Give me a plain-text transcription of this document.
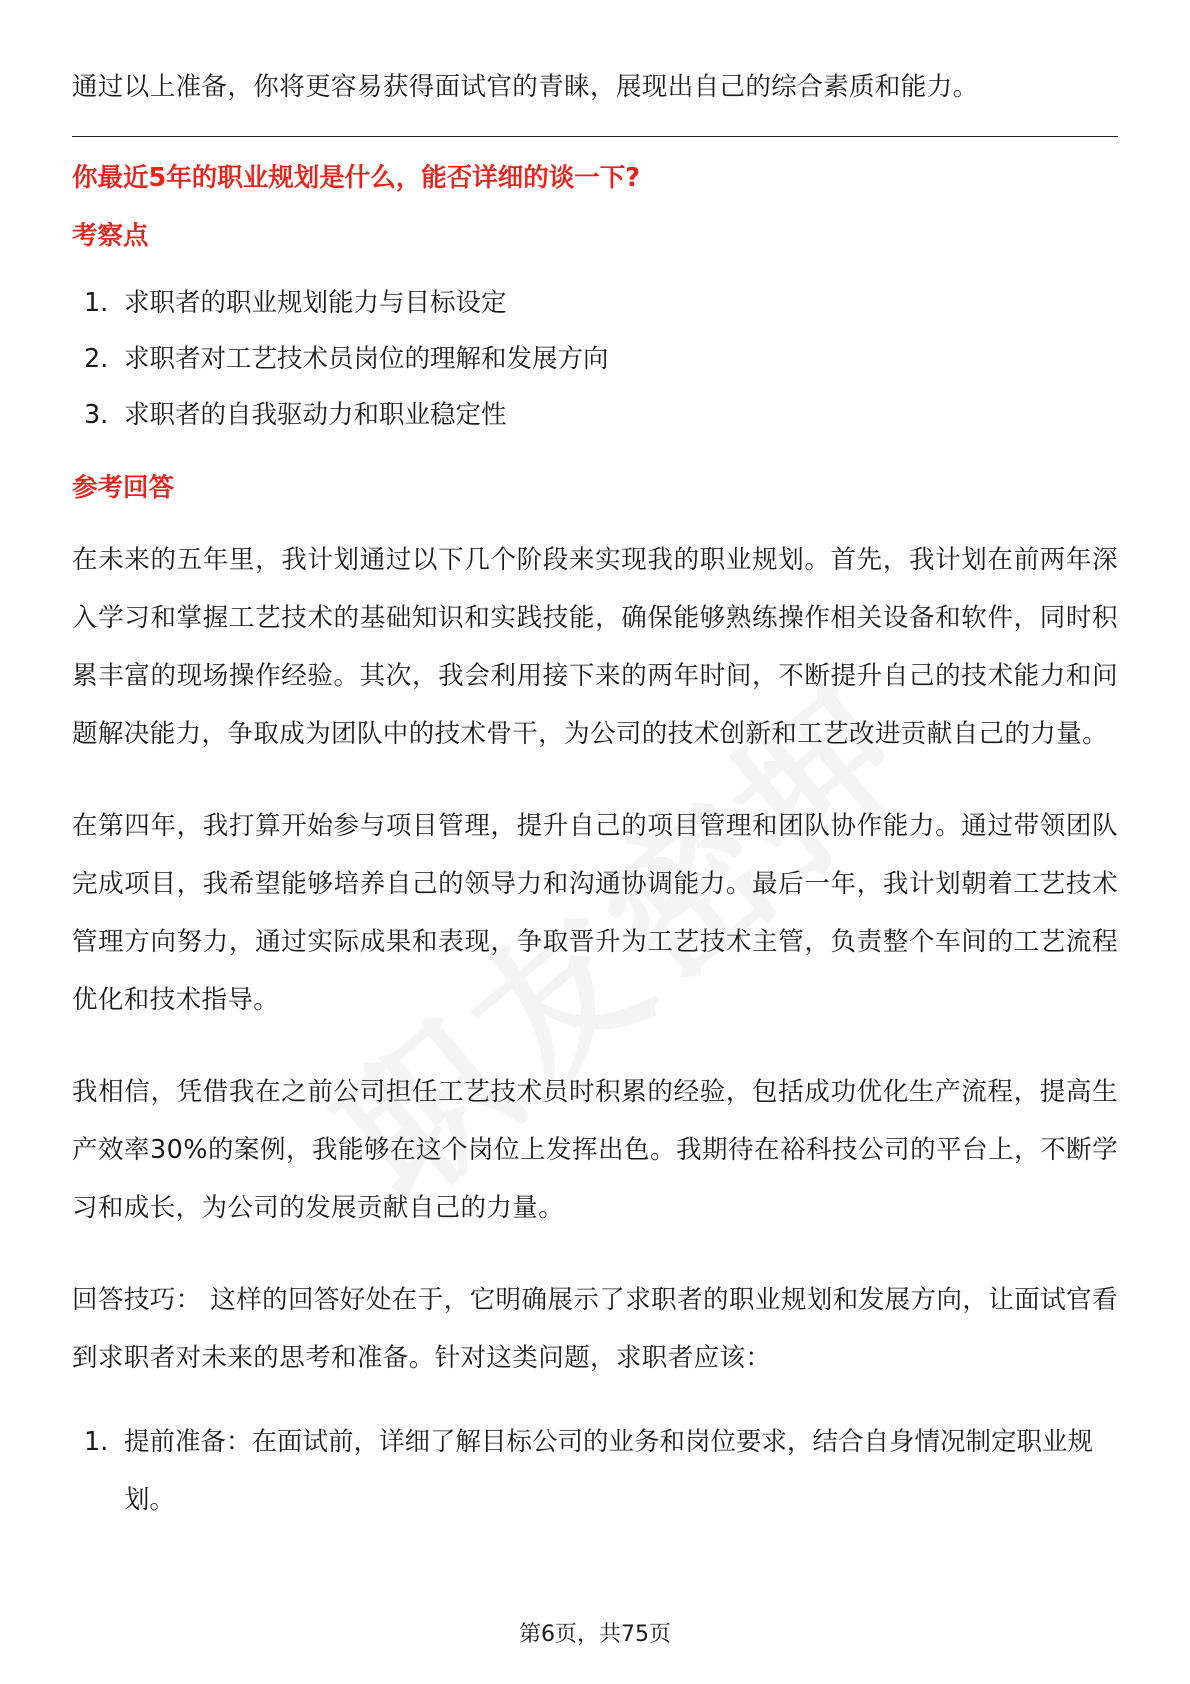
通过以上准备，你将更容易获得面试官的青睐，展现出自己的综合素质和能力。

你最近5年的职业规划是什么，能否详细的谈一下?
考察点
1. 求职者的职业规划能力与目标设定
2. 求职者对工艺技术员岗位的理解和发展方向
3. 求职者的自我驱动力和职业稳定性
参考回答

在未来的五年里，我计划通过以下几个阶段来实现我的职业规划。首先，我计划在前两年深入学习和掌握工艺技术的基础知识和实践技能，确保能够熟练操作相关设备和软件，同时积累丰富的现场操作经验。其次，我会利用接下来的两年时间，不断提升自己的技术能力和问题解决能力，争取成为团队中的技术骨干，为公司的技术创新和工艺改进贡献自己的力量。

在第四年，我打算开始参与项目管理，提升自己的项目管理和团队协作能力。通过带领团队完成项目，我希望能够培养自己的领导力和沟通协调能力。最后一年，我计划朝着工艺技术管理方向努力，通过实际成果和表现，争取晋升为工艺技术主管，负责整个车间的工艺流程优化和技术指导。

我相信，凭借我在之前公司担任工艺技术员时积累的经验，包括成功优化生产流程，提高生产效率30%的案例，我能够在这个岗位上发挥出色。我期待在裕科技公司的平台上，不断学习和成长，为公司的发展贡献自己的力量。

回答技巧： 这样的回答好处在于，它明确展示了求职者的职业规划和发展方向，让面试官看到求职者对未来的思考和准备。针对这类问题，求职者应该：

1. 提前准备：在面试前，详细了解目标公司的业务和岗位要求，结合自身情况制定职业规划。
第6页，共75页
